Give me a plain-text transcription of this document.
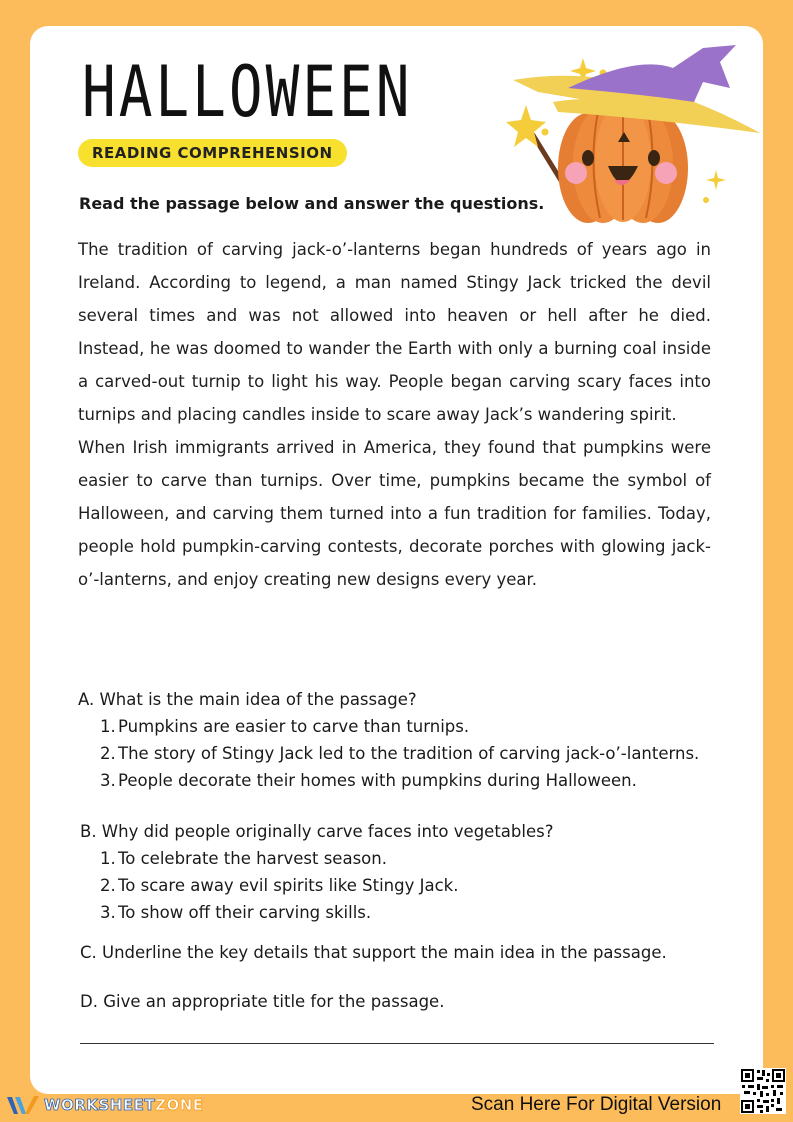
HALLOWEEN
READING COMPREHENSION
Read the passage below and answer the questions.

The tradition of carving jack-o’-lanterns began hundreds of years ago in Ireland. According to legend, a man named Stingy Jack tricked the devil several times and was not allowed into heaven or hell after he died. Instead, he was doomed to wander the Earth with only a burning coal inside a carved-out turnip to light his way. People began carving scary faces into turnips and placing candles inside to scare away Jack’s wandering spirit.

When Irish immigrants arrived in America, they found that pumpkins were easier to carve than turnips. Over time, pumpkins became the symbol of Halloween, and carving them turned into a fun tradition for families. Today, people hold pumpkin-carving contests, decorate porches with glowing jack-o’-lanterns, and enjoy creating new designs every year.

A. What is the main idea of the passage?
1. Pumpkins are easier to carve than turnips.
2. The story of Stingy Jack led to the tradition of carving jack-o’-lanterns.
3. People decorate their homes with pumpkins during Halloween.
B. Why did people originally carve faces into vegetables?
1. To celebrate the harvest season.
2. To scare away evil spirits like Stingy Jack.
3. To show off their carving skills.
C. Underline the key details that support the main idea in the passage.
D. Give an appropriate title for the passage.
WORKSHEETZONE	Scan Here For Digital Version
